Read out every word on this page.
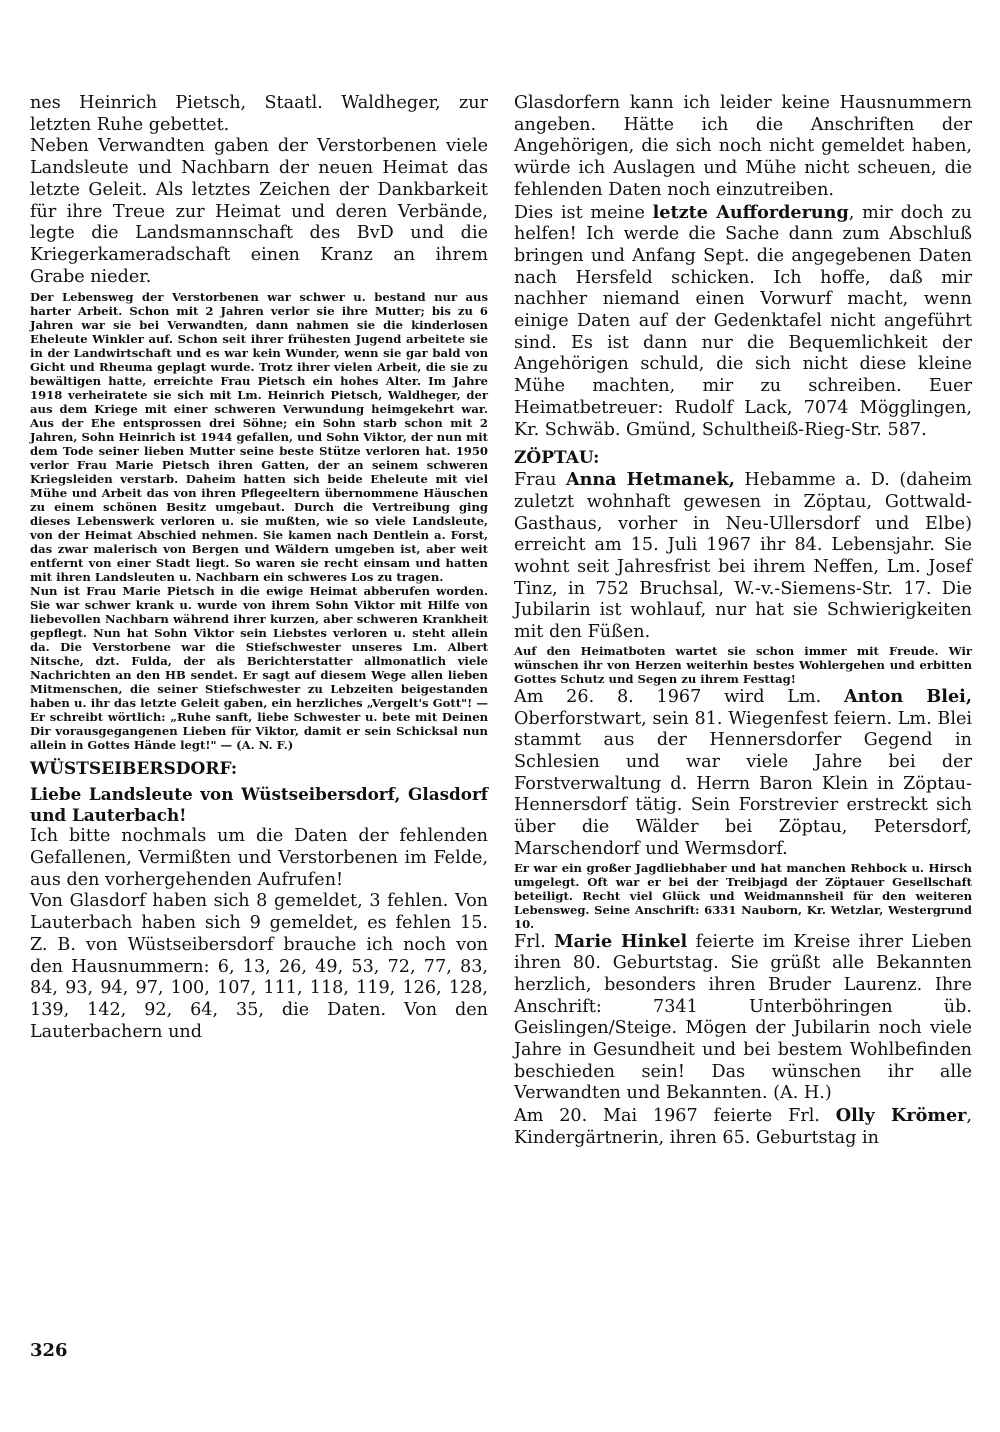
nes Heinrich Pietsch, Staatl. Waldheger, zur letzten Ruhe gebettet.

Neben Verwandten gaben der Verstorbenen viele Landsleute und Nachbarn der neuen Heimat das letzte Geleit. Als letztes Zeichen der Dankbarkeit für ihre Treue zur Heimat und deren Verbände, legte die Landsmannschaft des BvD und die Kriegerkameradschaft einen Kranz an ihrem Grabe nieder.

Der Lebensweg der Verstorbenen war schwer u. bestand nur aus harter Arbeit. Schon mit 2 Jahren verlor sie ihre Mutter; bis zu 6 Jahren war sie bei Verwandten, dann nahmen sie die kinderlosen Eheleute Winkler auf. Schon seit ihrer frühesten Jugend arbeitete sie in der Landwirtschaft und es war kein Wunder, wenn sie gar bald von Gicht und Rheuma geplagt wurde. Trotz ihrer vielen Arbeit, die sie zu bewältigen hatte, erreichte Frau Pietsch ein hohes Alter. Im Jahre 1918 verheiratete sie sich mit Lm. Heinrich Pietsch, Waldheger, der aus dem Kriege mit einer schweren Verwundung heimgekehrt war. Aus der Ehe entsprossen drei Söhne; ein Sohn starb schon mit 2 Jahren, Sohn Heinrich ist 1944 gefallen, und Sohn Viktor, der nun mit dem Tode seiner lieben Mutter seine beste Stütze verloren hat. 1950 verlor Frau Marie Pietsch ihren Gatten, der an seinem schweren Kriegsleiden verstarb. Daheim hatten sich beide Eheleute mit viel Mühe und Arbeit das von ihren Pflegeeltern übernommene Häuschen zu einem schönen Besitz umgebaut. Durch die Vertreibung ging dieses Lebenswerk verloren u. sie mußten, wie so viele Landsleute, von der Heimat Abschied nehmen. Sie kamen nach Dentlein a. Forst, das zwar malerisch von Bergen und Wäldern umgeben ist, aber weit entfernt von einer Stadt liegt. So waren sie recht einsam und hatten mit ihren Landsleuten u. Nachbarn ein schweres Los zu tragen.

Nun ist Frau Marie Pietsch in die ewige Heimat abberufen worden. Sie war schwer krank u. wurde von ihrem Sohn Viktor mit Hilfe von liebevollen Nachbarn während ihrer kurzen, aber schweren Krankheit gepflegt. Nun hat Sohn Viktor sein Liebstes verloren u. steht allein da. Die Verstorbene war die Stiefschwester unseres Lm. Albert Nitsche, dzt. Fulda, der als Berichterstatter allmonatlich viele Nachrichten an den HB sendet. Er sagt auf diesem Wege allen lieben Mitmenschen, die seiner Stiefschwester zu Lebzeiten beigestanden haben u. ihr das letzte Geleit gaben, ein herzliches „Vergelt's Gott"! — Er schreibt wörtlich: „Ruhe sanft, liebe Schwester u. bete mit Deinen Dir vorausgegangenen Lieben für Viktor, damit er sein Schicksal nun allein in Gottes Hände legt!" — (A. N. F.)

WÜSTSEIBERSDORF:

Liebe Landsleute von Wüstseibersdorf, Glasdorf und Lauterbach!

Ich bitte nochmals um die Daten der fehlenden Gefallenen, Vermißten und Verstorbenen im Felde, aus den vorhergehenden Aufrufen!

Von Glasdorf haben sich 8 gemeldet, 3 fehlen. Von Lauterbach haben sich 9 gemeldet, es fehlen 15. Z. B. von Wüstseibersdorf brauche ich noch von den Hausnummern: 6, 13, 26, 49, 53, 72, 77, 83, 84, 93, 94, 97, 100, 107, 111, 118, 119, 126, 128, 139, 142, 92, 64, 35, die Daten. Von den Lauterbachern und

Glasdorfern kann ich leider keine Hausnummern angeben. Hätte ich die Anschriften der Angehörigen, die sich noch nicht gemeldet haben, würde ich Auslagen und Mühe nicht scheuen, die fehlenden Daten noch einzutreiben.

Dies ist meine letzte Aufforderung, mir doch zu helfen! Ich werde die Sache dann zum Abschluß bringen und Anfang Sept. die angegebenen Daten nach Hersfeld schicken. Ich hoffe, daß mir nachher niemand einen Vorwurf macht, wenn einige Daten auf der Gedenktafel nicht angeführt sind. Es ist dann nur die Bequemlichkeit der Angehörigen schuld, die sich nicht diese kleine Mühe machten, mir zu schreiben. Euer Heimatbetreuer: Rudolf Lack, 7074 Mögglingen, Kr. Schwäb. Gmünd, Schultheiß-Rieg-Str. 587.

ZÖPTAU:

Frau Anna Hetmanek, Hebamme a. D. (daheim zuletzt wohnhaft gewesen in Zöptau, Gottwald-Gasthaus, vorher in Neu-Ullersdorf und Elbe) erreicht am 15. Juli 1967 ihr 84. Lebensjahr. Sie wohnt seit Jahresfrist bei ihrem Neffen, Lm. Josef Tinz, in 752 Bruchsal, W.-v.-Siemens-Str. 17. Die Jubilarin ist wohlauf, nur hat sie Schwierigkeiten mit den Füßen.

Auf den Heimatboten wartet sie schon immer mit Freude. Wir wünschen ihr von Herzen weiterhin bestes Wohlergehen und erbitten Gottes Schutz und Segen zu ihrem Festtag!

Am 26. 8. 1967 wird Lm. Anton Blei, Oberforstwart, sein 81. Wiegenfest feiern. Lm. Blei stammt aus der Hennersdorfer Gegend in Schlesien und war viele Jahre bei der Forstverwaltung d. Herrn Baron Klein in Zöptau-Hennersdorf tätig. Sein Forstrevier erstreckt sich über die Wälder bei Zöptau, Petersdorf, Marschendorf und Wermsdorf.

Er war ein großer Jagdliebhaber und hat manchen Rehbock u. Hirsch umgelegt. Oft war er bei der Treibjagd der Zöptauer Gesellschaft beteiligt. Recht viel Glück und Weidmannsheil für den weiteren Lebensweg. Seine Anschrift: 6331 Nauborn, Kr. Wetzlar, Westergrund 10.

Frl. Marie Hinkel feierte im Kreise ihrer Lieben ihren 80. Geburtstag. Sie grüßt alle Bekannten herzlich, besonders ihren Bruder Laurenz. Ihre Anschrift: 7341 Unterböhringen üb. Geislingen/Steige. Mögen der Jubilarin noch viele Jahre in Gesundheit und bei bestem Wohlbefinden beschieden sein! Das wünschen ihr alle Verwandten und Bekannten. (A. H.)

Am 20. Mai 1967 feierte Frl. Olly Krömer, Kindergärtnerin, ihren 65. Geburtstag in

326
